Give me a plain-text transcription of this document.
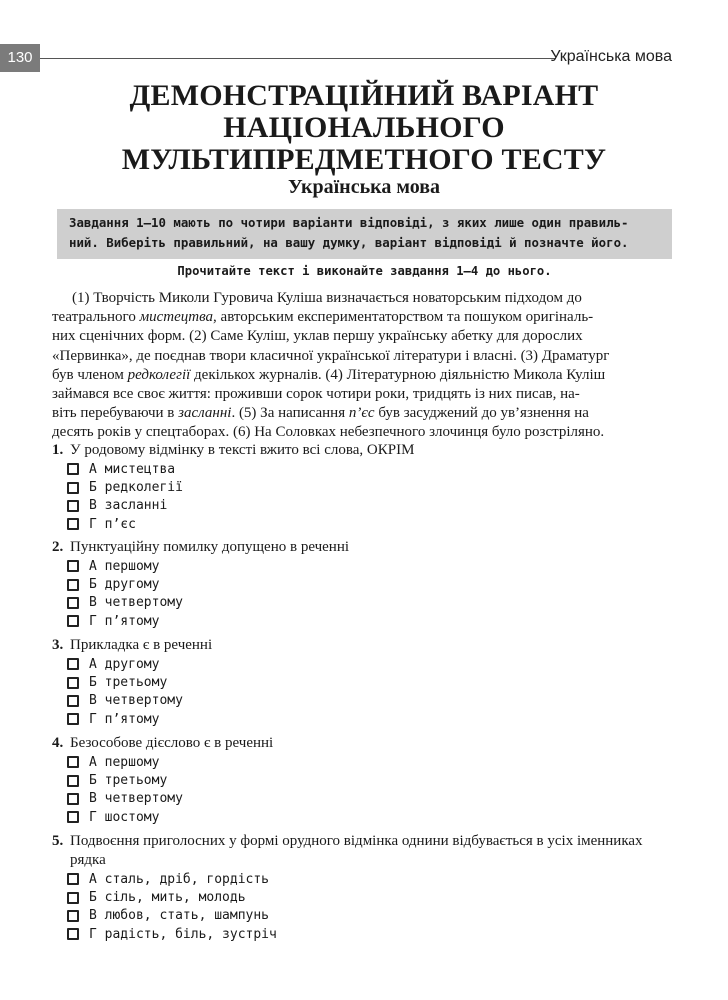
130	Українська мова
ДЕМОНСТРАЦІЙНИЙ ВАРІАНТ
НАЦІОНАЛЬНОГО
МУЛЬТИПРЕДМЕТНОГО ТЕСТУ
Українська мова
Завдання 1–10 мають по чотири варіанти відповіді, з яких лише один правиль-
ний. Виберіть правильний, на вашу думку, варіант відповіді й позначте його.
Прочитайте текст і виконайте завдання 1–4 до нього.
(1) Творчість Миколи Гуровича Куліша визначається новаторським підходом до
театрального мистецтва, авторським експериментаторством та пошуком оригіналь-
них сценічних форм. (2) Саме Куліш, уклав першу українську абетку для дорослих
«Первинка», де поєднав твори класичної української літератури і власні. (3) Драматург
був членом редколегії декількох журналів. (4) Літературною діяльністю Микола Куліш
займався все своє життя: проживши сорок чотири роки, тридцять із них писав, на-
віть перебуваючи в засланні. (5) За написання п’єс був засуджений до ув’язнення на
десять років у спецтаборах. (6) На Соловках небезпечного злочинця було розстріляно.
1. У родовому відмінку в тексті вжито всі слова, ОКРІМ
А мистецтва
Б редколегії
В засланні
Г п’єс
2. Пунктуаційну помилку допущено в реченні
А першому
Б другому
В четвертому
Г п’ятому
3. Прикладка є в реченні
А другому
Б третьому
В четвертому
Г п’ятому
4. Безособове дієслово є в реченні
А першому
Б третьому
В четвертому
Г шостому
5. Подвоєння приголосних у формі орудного відмінка однини відбувається в усіх іменниках рядка
А сталь, дріб, гордість
Б сіль, мить, молодь
В любов, стать, шампунь
Г радість, біль, зустріч
